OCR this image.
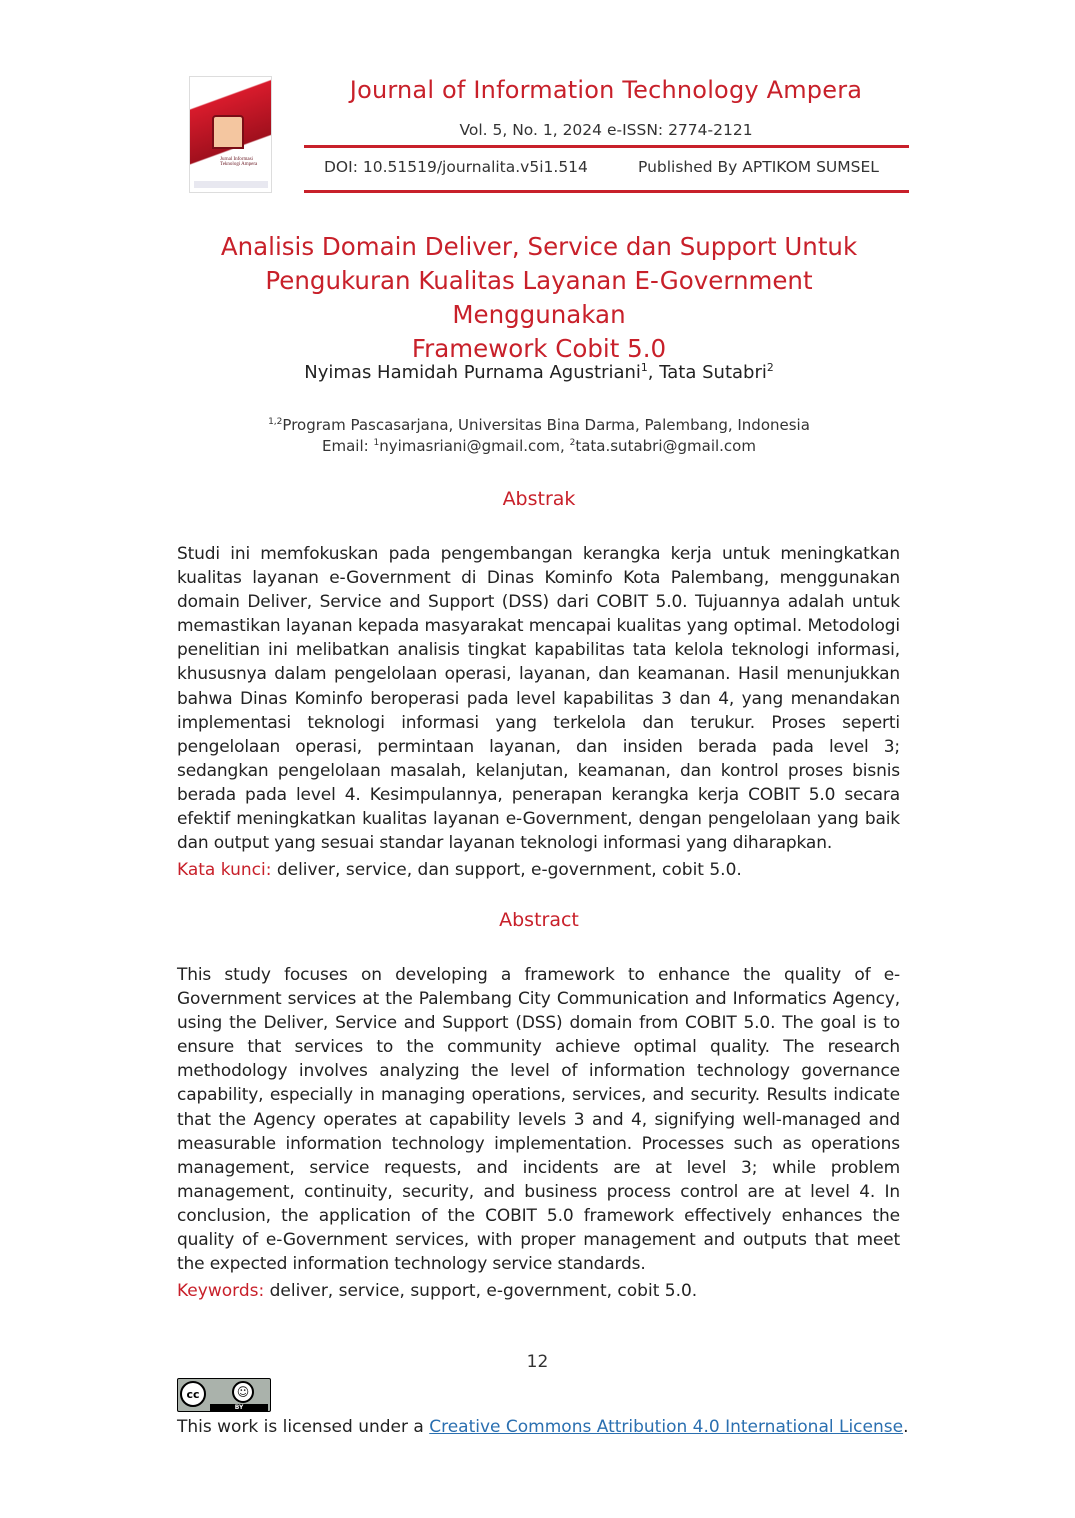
Jurnal Informasi Teknologi Ampera
Journal of Information Technology Ampera
Vol. 5, No. 1, 2024 e-ISSN: 2774-2121
DOI: 10.51519/journalita.v5i1.514	Published By APTIKOM SUMSEL
Analisis Domain Deliver, Service dan Support Untuk
Pengukuran Kualitas Layanan E-Government Menggunakan
Framework Cobit 5.0
Nyimas Hamidah Purnama Agustriani$^1$, Tata Sutabri$^2$
$^{1,2}$Program Pascasarjana, Universitas Bina Darma, Palembang, Indonesia
Email: $^1$nyimasriani@gmail.com, $^2$tata.sutabri@gmail.com
Abstrak
Studi ini memfokuskan pada pengembangan kerangka kerja untuk meningkatkan kualitas layanan e-Government di Dinas Kominfo Kota Palembang, menggunakan domain Deliver, Service and Support (DSS) dari COBIT 5.0. Tujuannya adalah untuk memastikan layanan kepada masyarakat mencapai kualitas yang optimal. Metodologi penelitian ini melibatkan analisis tingkat kapabilitas tata kelola teknologi informasi, khususnya dalam pengelolaan operasi, layanan, dan keamanan. Hasil menunjukkan bahwa Dinas Kominfo beroperasi pada level kapabilitas 3 dan 4, yang menandakan implementasi teknologi informasi yang terkelola dan terukur. Proses seperti pengelolaan operasi, permintaan layanan, dan insiden berada pada level 3; sedangkan pengelolaan masalah, kelanjutan, keamanan, dan kontrol proses bisnis berada pada level 4. Kesimpulannya, penerapan kerangka kerja COBIT 5.0 secara efektif meningkatkan kualitas layanan e-Government, dengan pengelolaan yang baik dan output yang sesuai standar layanan teknologi informasi yang diharapkan.
Kata kunci: deliver, service, dan support, e-government, cobit 5.0.
Abstract
This study focuses on developing a framework to enhance the quality of e-Government services at the Palembang City Communication and Informatics Agency, using the Deliver, Service and Support (DSS) domain from COBIT 5.0. The goal is to ensure that services to the community achieve optimal quality. The research methodology involves analyzing the level of information technology governance capability, especially in managing operations, services, and security. Results indicate that the Agency operates at capability levels 3 and 4, signifying well-managed and measurable information technology implementation. Processes such as operations management, service requests, and incidents are at level 3; while problem management, continuity, security, and business process control are at level 4. In conclusion, the application of the COBIT 5.0 framework effectively enhances the quality of e-Government services, with proper management and outputs that meet the expected information technology service standards.
Keywords: deliver, service, support, e-government, cobit 5.0.
12
cc	☺
BY
This work is licensed under a Creative Commons Attribution 4.0 International License.
